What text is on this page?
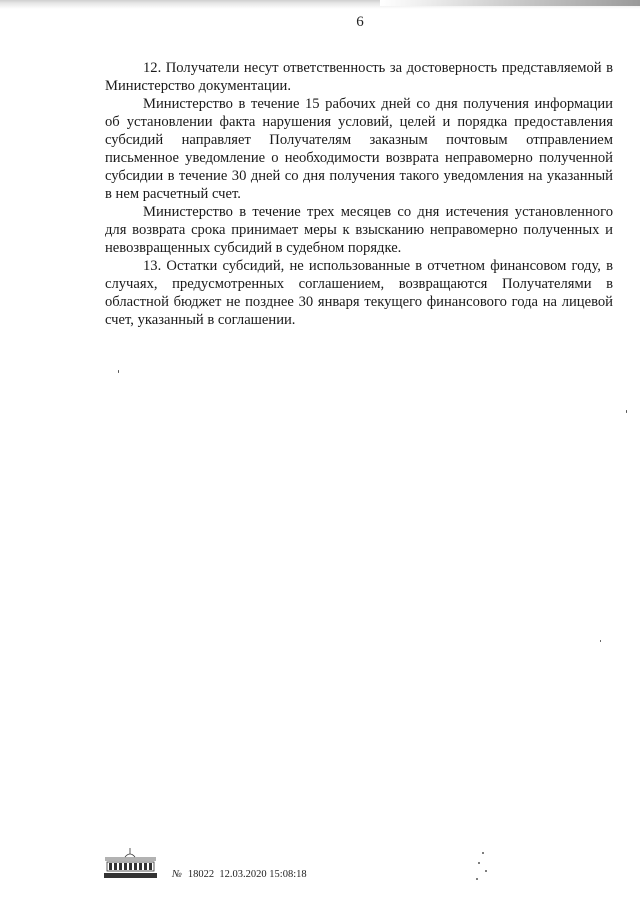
6

12. Получатели несут ответственность за достоверность представляемой в Министерство документации.

Министерство в течение 15 рабочих дней со дня получения информации об установлении факта нарушения условий, целей и порядка предоставления субсидий направляет Получателям заказным почтовым отправлением письменное уведомление о необходимости возврата неправомерно полученной субсидии в течение 30 дней со дня получения такого уведомления на указанный в нем расчетный счет.

Министерство в течение трех месяцев со дня истечения установленного для возврата срока принимает меры к взысканию неправомерно полученных и невозвращенных субсидий в судебном порядке.

13. Остатки субсидий, не использованные в отчетном финансовом году, в случаях, предусмотренных соглашением, возвращаются Получателями в областной бюджет не позднее 30 января текущего финансового года на лицевой счет, указанный в соглашении.

№ 18022 12.03.2020 15:08:18
